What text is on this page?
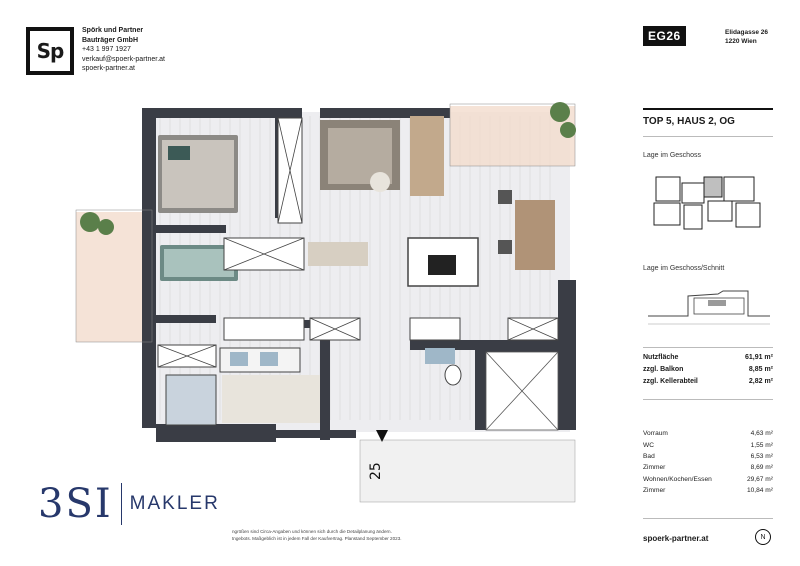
Sp
Spörk und Partner
Bauträger GmbH
+43 1 997 1927
verkauf@spoerk-partner.at
spoerk-partner.at
25
EG26	Elidagasse 26
1220 Wien
TOP 5, HAUS 2, OG
Lage im Geschoss
Lage im Geschoss/Schnitt
Nutzfläche	61,91 m²
zzgl. Balkon	8,85 m²
zzgl. Kellerabteil	2,82 m²
Vorraum	4,63 m²
WC	1,55 m²
Bad	6,53 m²
Zimmer	8,69 m²
Wohnen/Kochen/Essen	29,67 m²
Zimmer	10,84 m²
spoerk-partner.at	N
3SI MAKLER
ngrößen sind Circa-Angaben und können sich durch die Detailplanung ändern.
tngebots. Maßgeblich ist in jedem Fall der Kaufvertrag. Planstand September 2023.
